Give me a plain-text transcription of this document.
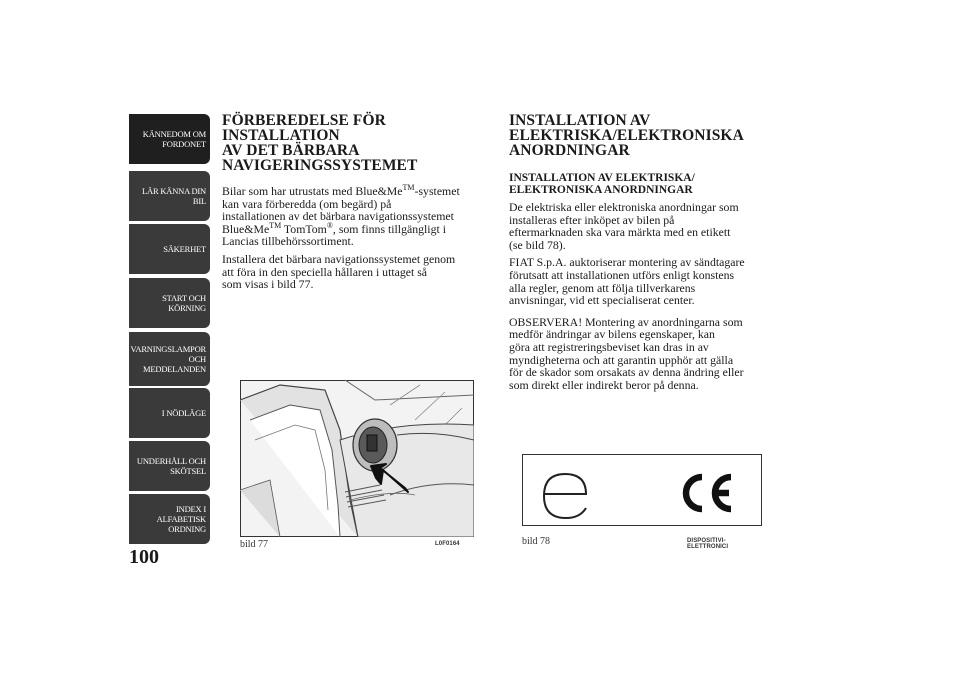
KÄNNEDOM OM
FORDONET
LÄR KÄNNA DIN
BIL
SÄKERHET
START OCH
KÖRNING
VARNINGSLAMPOR
OCH
MEDDELANDEN
I NÖDLÄGE
UNDERHÅLL OCH
SKÖTSEL
INDEX I
ALFABETISK
ORDNING
100
FÖRBEREDELSE FÖR INSTALLATION
AV DET BÄRBARA
NAVIGERINGSSYSTEMET

Bilar som har utrustats med Blue&Me™-systemet
kan vara förberedda (om begärd) på
installationen av det bärbara navigationssystemet
Blue&Me™ TomTom®, som finns tillgängligt i
Lancias tillbehörssortiment.

Installera det bärbara navigationssystemet genom
att föra in den speciella hållaren i uttaget så
som visas i bild 77.

INSTALLATION AV
ELEKTRISKA/ELEKTRONISKA
ANORDNINGAR
INSTALLATION AV ELEKTRISKA/
ELEKTRONISKA ANORDNINGAR

De elektriska eller elektroniska anordningar som
installeras efter inköpet av bilen på
eftermarknaden ska vara märkta med en etikett
(se bild 78).

FIAT S.p.A. auktoriserar montering av sändtagare
förutsatt att installationen utförs enligt konstens
alla regler, genom att följa tillverkarens
anvisningar, vid ett specialiserat center.

OBSERVERA! Montering av anordningarna som
medför ändringar av bilens egenskaper, kan
göra att registreringsbeviset kan dras in av
myndigheterna och att garantin upphör att gälla
för de skador som orsakats av denna ändring eller
som direkt eller indirekt beror på denna.

bild 77	L0F0164	bild 78	DISPOSITIVI-ELETTRONICI
